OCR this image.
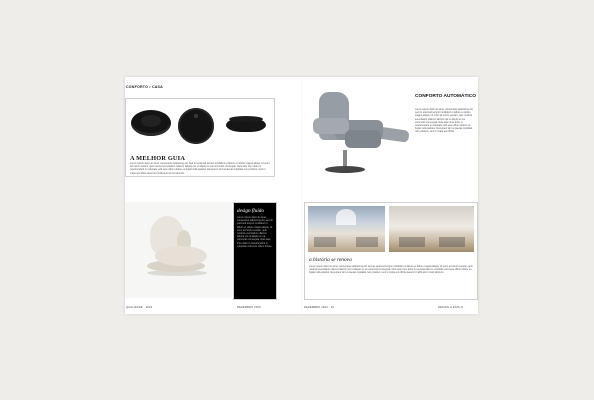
CONFORTO • CASA
A MELHOR GUIA
Lorem ipsum dolor sit amet, consectetur adipiscing elit. Sed do eiusmod tempor incididunt ut labore et dolore magna aliqua. Ut enim ad minim veniam, quis nostrud exercitation ullamco laboris nisi ut aliquip ex ea commodo consequat. Duis aute irure dolor in reprehenderit in voluptate velit esse cillum dolore eu fugiat nulla pariatur. Excepteur sint occaecat cupidatat non proident, sunt in culpa qui officia deserunt mollit anim id est laborum.
design fluído
Lorem ipsum dolor sit amet, consectetur adipiscing elit, sed do eiusmod tempor incididunt ut labore et dolore magna aliqua. Ut enim ad minim veniam, quis nostrud exercitation ullamco laboris nisi ut aliquip ex ea commodo consequat. Duis aute irure dolor in reprehenderit in voluptate velit esse cillum dolore.
QUALIDADE · 2023	DEZEMBRO 2023
CONFORTO AUTOMÁTICO
Lorem ipsum dolor sit amet, consectetur adipiscing elit, sed do eiusmod tempor incididunt ut labore et dolore magna aliqua. Ut enim ad minim veniam, quis nostrud exercitation ullamco laboris nisi ut aliquip ex ea commodo consequat. Duis aute irure dolor in reprehenderit in voluptate velit esse cillum dolore eu fugiat nulla pariatur. Excepteur sint occaecat cupidatat non proident, sunt in culpa qui officia.
a história se renova
Lorem ipsum dolor sit amet, consectetur adipiscing elit, sed do eiusmod tempor incididunt ut labore et dolore magna aliqua. Ut enim ad minim veniam, quis nostrud exercitation ullamco laboris nisi ut aliquip ex ea commodo consequat. Duis aute irure dolor in reprehenderit in voluptate velit esse cillum dolore eu fugiat nulla pariatur. Excepteur sint occaecat cupidatat non proident, sunt in culpa qui officia deserunt mollit anim id est laborum.
DEZEMBRO 2023 · 19	DESIGN & ESTILO
